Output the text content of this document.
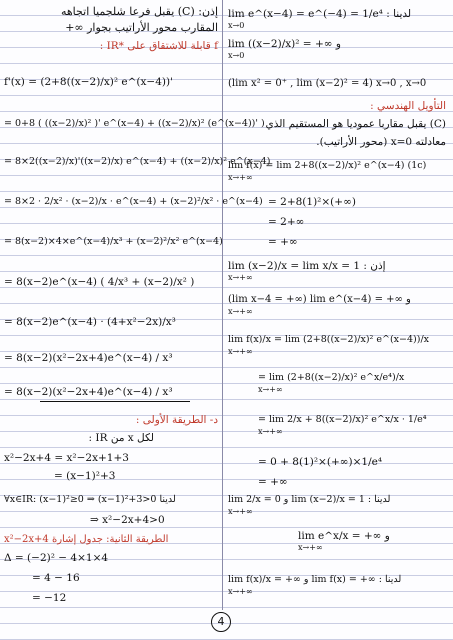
إذن: (C) يقبل فرعا شلجميا اتجاهه
المقارب محور الأراتيب بجوار ∞+
f قابلة للاشتقاق على *IR :
f'(x) = (2+8((x−2)/x)² e^(x−4))'
= 0+8 ( ((x−2)/x)² )' e^(x−4) + ((x−2)/x)² (e^(x−4))' )
= 8×2((x−2)/x)'((x−2)/x) e^(x−4) + ((x−2)/x)² e^(x−4)
= 8×2 · 2/x² · (x−2)/x · e^(x−4) + (x−2)²/x² · e^(x−4)
= 8(x−2)×4×e^(x−4)/x³ + (x−2)²/x² e^(x−4)
= 8(x−2)e^(x−4) ( 4/x³ + (x−2)/x² )
= 8(x−2)e^(x−4) · (4+x²−2x)/x³
= 8(x−2)(x²−2x+4)e^(x−4) / x³
= 8(x−2)(x²−2x+4)e^(x−4) / x³
د- الطريقة الأولى :
لكل x من IR :
x²−2x+4 = x²−2x+1+3
= (x−1)²+3
∀x∈IR: (x−1)²≥0 ⇒ (x−1)²+3>0 لدينا
⇒ x²−2x+4>0
x²−2x+4 الطريقة الثانية: جدول إشارة
Δ = (−2)² − 4×1×4
= 4 − 16
= −12
lim e^(x−4) = e^(−4) = 1/e⁴ : لدينا
x→0
lim ((x−2)/x)² = +∞ و
x→0
(lim x² = 0⁺ , lim (x−2)² = 4) x→0 , x→0
التأويل الهندسي :
(C) يقبل مقاربا عموديا هو المستقيم الذي
معادلته x=0 (محور الأراتيب).
lim f(x) = lim 2+8((x−2)/x)² e^(x−4) (1c)
x→+∞
= 2+8(1)²×(+∞)
= 2+∞
= +∞
lim (x−2)/x = lim x/x = 1 : إذن
x→+∞
(lim x−4 = +∞) lim e^(x−4) = +∞ و
x→+∞
lim f(x)/x = lim (2+8((x−2)/x)² e^(x−4))/x
x→+∞
= lim (2+8((x−2)/x)² e^x/e⁴)/x
x→+∞
= lim 2/x + 8((x−2)/x)² e^x/x · 1/e⁴
x→+∞
= 0 + 8(1)²×(+∞)×1/e⁴
= +∞
lim 2/x = 0 و lim (x−2)/x = 1 : لدينا
x→+∞
lim e^x/x = +∞ و
x→+∞
lim f(x)/x = +∞ و lim f(x) = +∞ : لدينا
x→+∞
4
